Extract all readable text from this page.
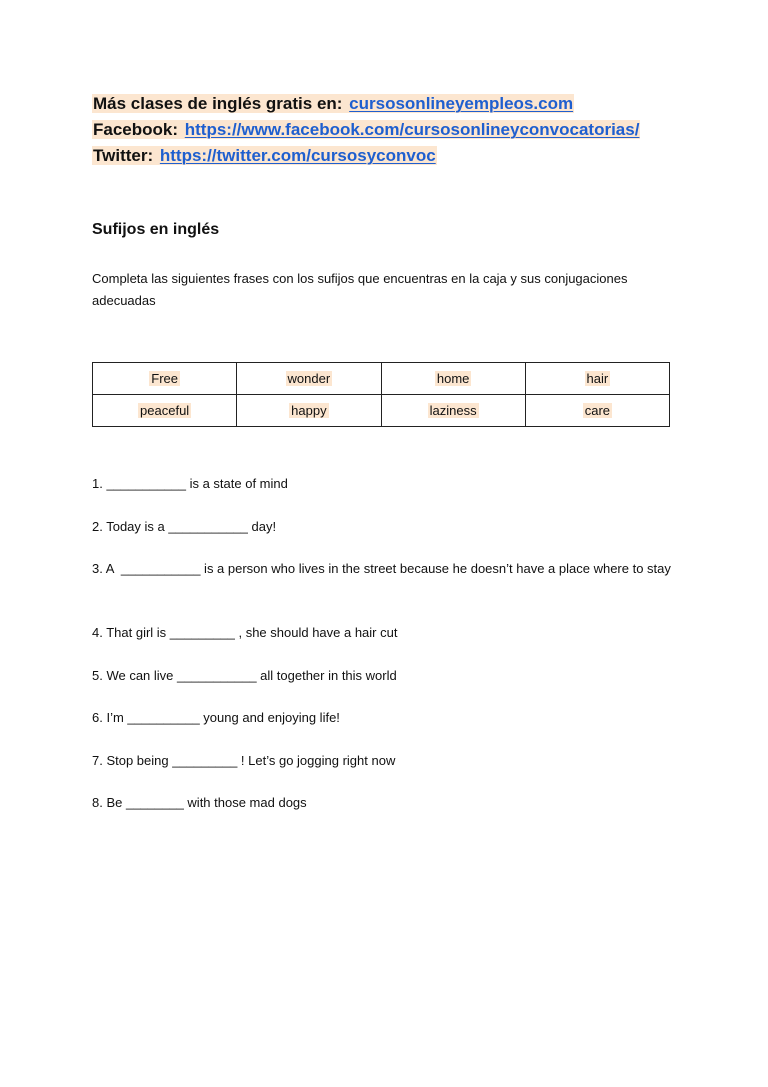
Más clases de inglés gratis en: cursosonlineyempleos.com
Facebook: https://www.facebook.com/cursosonlineyconvocatorias/
Twitter: https://twitter.com/cursosyconvoc
Sufijos en inglés
Completa las siguientes frases con los sufijos que encuentras en la caja y sus conjugaciones adecuadas
Free	wonder	home	hair
peaceful	happy	laziness	care
1. ___________ is a state of mind
2. Today is a ___________ day!
3. A  ___________ is a person who lives in the street because he doesn’t have a place where to stay
4. That girl is _________ , she should have a hair cut
5. We can live ___________ all together in this world
6. I’m __________ young and enjoying life!
7. Stop being _________ ! Let’s go jogging right now
8. Be ________ with those mad dogs
